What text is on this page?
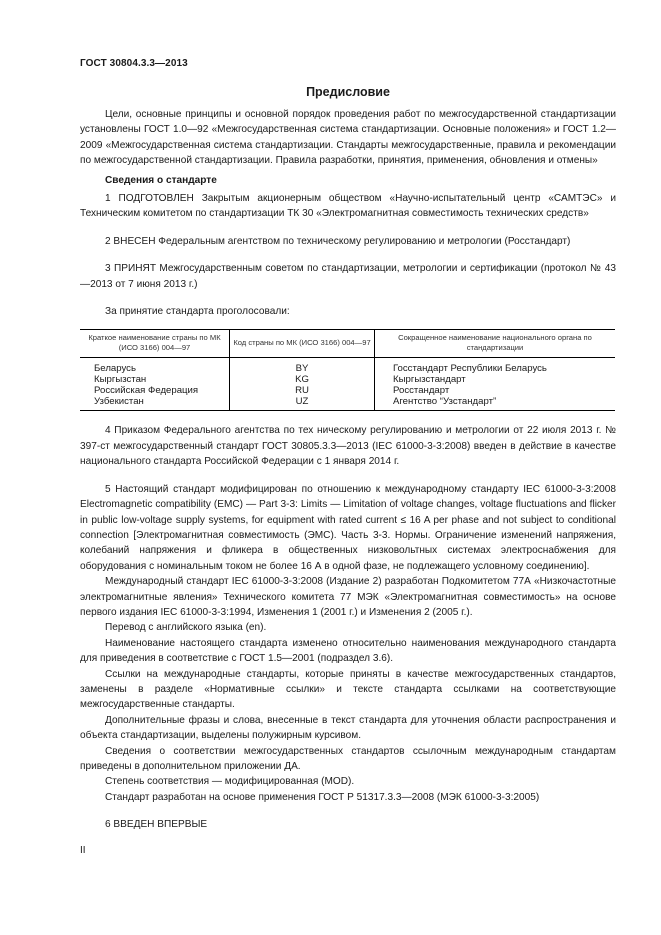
ГОСТ 30804.3.3—2013
Предисловие

Цели, основные принципы и основной порядок проведения работ по межгосударственной стандартизации установлены ГОСТ 1.0—92 «Межгосударственная система стандартизации. Основные положения» и ГОСТ 1.2—2009 «Межгосударственная система стандартизации. Стандарты межгосударственные, правила и рекомендации по межгосударственной стандартизации. Правила разработки, принятия, применения, обновления и отмены»

Сведения о стандарте

1 ПОДГОТОВЛЕН Закрытым акционерным обществом «Научно-испытательный центр «САМТЭС» и Техническим комитетом по стандартизации ТК 30 «Электромагнитная совместимость технических средств»

2 ВНЕСЕН Федеральным агентством по техническому регулированию и метрологии (Росстандарт)

3 ПРИНЯТ Межгосударственным советом по стандартизации, метрологии и сертификации (протокол № 43—2013 от 7 июня 2013 г.)

За принятие стандарта проголосовали:

Краткое наименование страны по МК (ИСО 3166) 004—97	Код страны по МК (ИСО 3166) 004—97	Сокращенное наименование национального органа по стандартизации
Беларусь	BY	Госстандарт Республики Беларусь
Кыргызстан	KG	Кыргызстандарт
Российская Федерация	RU	Росстандарт
Узбекистан	UZ	Агентство “Узстандарт”

4 Приказом Федерального агентства по тех ническому регулированию и метрологии от 22 июля 2013 г. № 397-ст межгосударственный стандарт ГОСТ 30805.3.3—2013 (IEC 61000-3-3:2008) введен в действие в качестве национального стандарта Российской Федерации с 1 января 2014 г.

5 Настоящий стандарт модифицирован по отношению к международному стандарту IEC 61000-3-3:2008 Electromagnetic compatibility (EMC) — Part 3-3: Limits — Limitation of voltage changes, voltage fluctuations and flicker in public low-voltage supply systems, for equipment with rated current ≤ 16 A per phase and not subject to conditional connection [Электромагнитная совместимость (ЭМС). Часть 3-3. Нормы. Ограничение изменений напряжения, колебаний напряжения и фликера в общественных низковольтных системах электроснабжения для оборудования с номинальным током не более 16 А в одной фазе, не подлежащего условному соединению].

Международный стандарт IEC 61000-3-3:2008 (Издание 2) разработан Подкомитетом 77А «Низкочастотные электромагнитные явления» Технического комитета 77 МЭК «Электромагнитная совместимость» на основе первого издания IEC 61000-3-3:1994, Изменения 1 (2001 г.) и Изменения 2 (2005 г.).

Перевод с английского языка (en).

Наименование настоящего стандарта изменено относительно наименования международного стандарта для приведения в соответствие с ГОСТ 1.5—2001 (подраздел 3.6).

Ссылки на международные стандарты, которые приняты в качестве межгосударственных стандартов, заменены в разделе «Нормативные ссылки» и тексте стандарта ссылками на соответствующие межгосударственные стандарты.

Дополнительные фразы и слова, внесенные в текст стандарта для уточнения области распространения и объекта стандартизации, выделены полужирным курсивом.

Сведения о соответствии межгосударственных стандартов ссылочным международным стандартам приведены в дополнительном приложении ДА.

Степень соответствия — модифицированная (MOD).

Стандарт разработан на основе применения ГОСТ Р 51317.3.3—2008 (МЭК 61000-3-3:2005)

6 ВВЕДЕН ВПЕРВЫЕ

II
